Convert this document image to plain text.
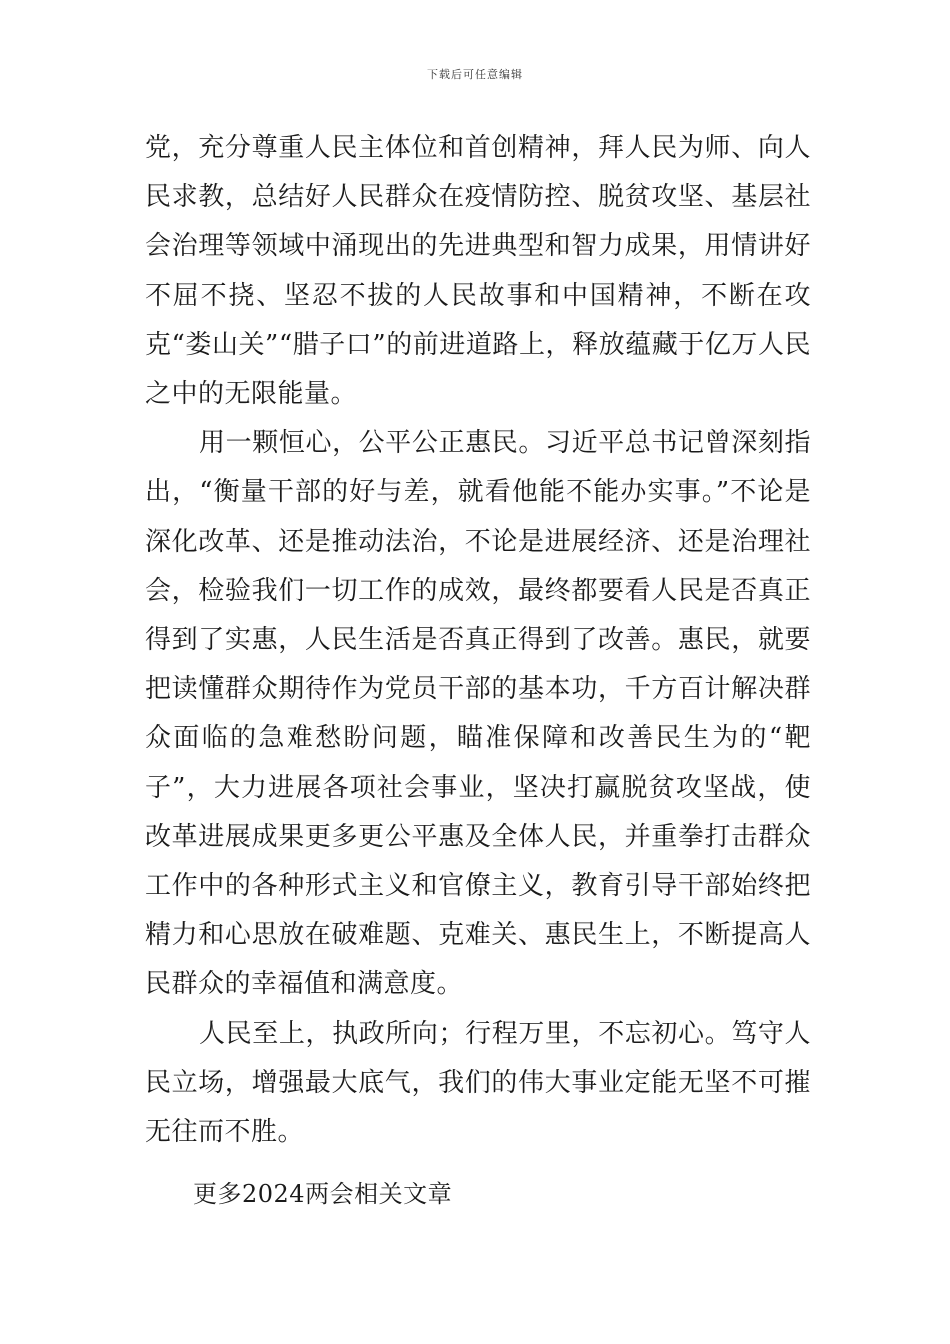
下载后可任意编辑

党，充分尊重人民主体位和首创精神，拜人民为师、向人民求教，总结好人民群众在疫情防控、脱贫攻坚、基层社会治理等领域中涌现出的先进典型和智力成果，用情讲好不屈不挠、坚忍不拔的人民故事和中国精神，不断在攻克“娄山关”“腊子口”的前进道路上，释放蕴藏于亿万人民之中的无限能量。

用一颗恒心，公平公正惠民。习近平总书记曾深刻指出，“衡量干部的好与差，就看他能不能办实事。”不论是深化改革、还是推动法治，不论是进展经济、还是治理社会，检验我们一切工作的成效，最终都要看人民是否真正得到了实惠，人民生活是否真正得到了改善。惠民，就要把读懂群众期待作为党员干部的基本功，千方百计解决群众面临的急难愁盼问题，瞄准保障和改善民生为的“靶子”，大力进展各项社会事业，坚决打赢脱贫攻坚战，使改革进展成果更多更公平惠及全体人民，并重拳打击群众工作中的各种形式主义和官僚主义，教育引导干部始终把精力和心思放在破难题、克难关、惠民生上，不断提高人民群众的幸福值和满意度。

人民至上，执政所向；行程万里，不忘初心。笃守人民立场，增强最大底气，我们的伟大事业定能无坚不可摧无往而不胜。

更多2024两会相关文章
